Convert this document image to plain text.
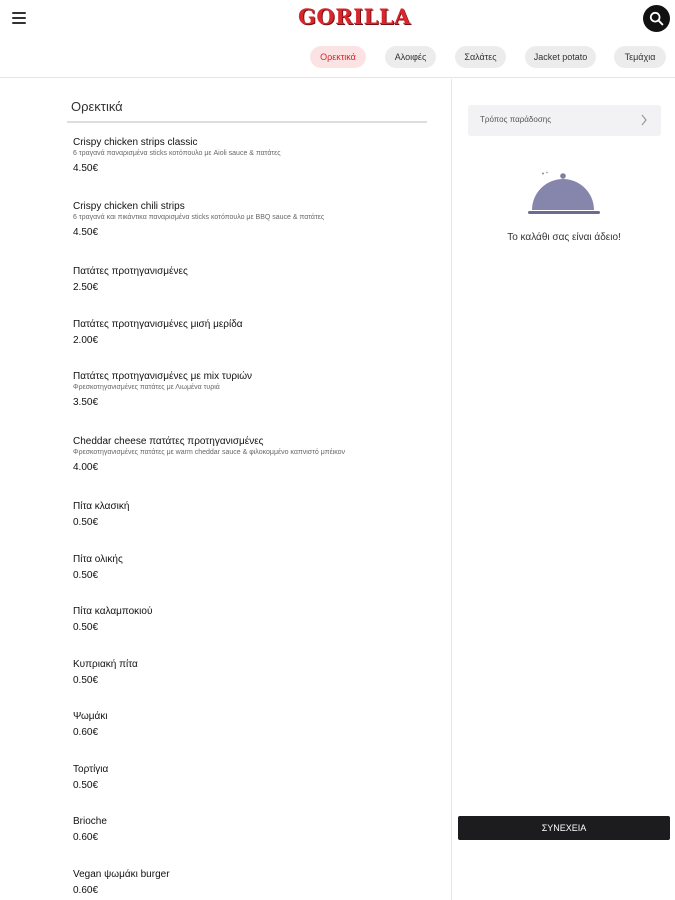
GORILLA
Ορεκτικά	Αλοιφές	Σαλάτες	Jacket potato	Τεμάχια
Ορεκτικά
Crispy chicken strips classic
6 τραγανά παναρισμένα sticks κοτόπουλο με Aioli sauce & πατάτες
4.50€
Crispy chicken chili strips
6 τραγανά και πικάντικα παναρισμένα sticks κοτόπουλο με BBQ sauce & πατάτες
4.50€
Πατάτες προτηγανισμένες
2.50€
Πατάτες προτηγανισμένες μισή μερίδα
2.00€
Πατάτες προτηγανισμένες με mix τυριών
Φρεσκοτηγανισμένες πατάτες με Λιωμένα τυριά
3.50€
Cheddar cheese πατάτες προτηγανισμένες
Φρεσκοτηγανισμένες πατάτες με warm cheddar sauce & φιλοκομμένο καπνιστό μπέικον
4.00€
Πίτα κλασική
0.50€
Πίτα ολικής
0.50€
Πίτα καλαμποκιού
0.50€
Κυπριακή πίτα
0.50€
Ψωμάκι
0.60€
Τορτίγια
0.50€
Brioche
0.60€
Vegan ψωμάκι burger
0.60€
Τρόπος παράδοσης
Το καλάθι σας είναι άδειο!
ΣΥΝΕΧΕΙΑ
